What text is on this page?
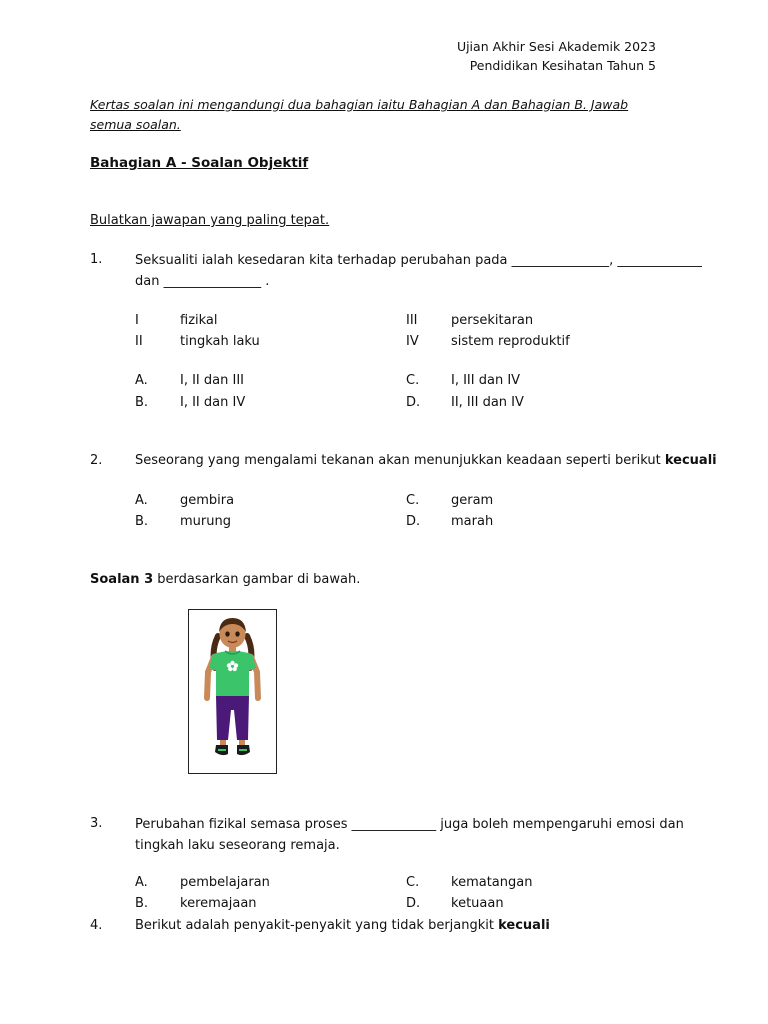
Ujian Akhir Sesi Akademik 2023
Pendidikan Kesihatan Tahun 5
Kertas soalan ini mengandungi dua bahagian iaitu Bahagian A dan Bahagian B. Jawab semua soalan.
Bahagian A - Soalan Objektif
Bulatkan jawapan yang paling tepat.
1.	Seksualiti ialah kesedaran kita terhadap perubahan pada _______________, _____________
dan _______________ .
I	fizikal
II	tingkah laku
III	persekitaran
IV sistem reproduktif
A. I, II dan III
B. I, II dan IV
C. I, III dan IV
D. II, III dan IV
2.	Seseorang yang mengalami tekanan akan menunjukkan keadaan seperti berikut kecuali
A. gembira
B. murung
C. geram
D. marah
Soalan 3 berdasarkan gambar di bawah.
3.	Perubahan fizikal semasa proses _____________ juga boleh mempengaruhi emosi dan
tingkah laku seseorang remaja.
A. pembelajaran
B. keremajaan
C. kematangan
D. ketuaan
4.	Berikut adalah penyakit-penyakit yang tidak berjangkit kecuali
